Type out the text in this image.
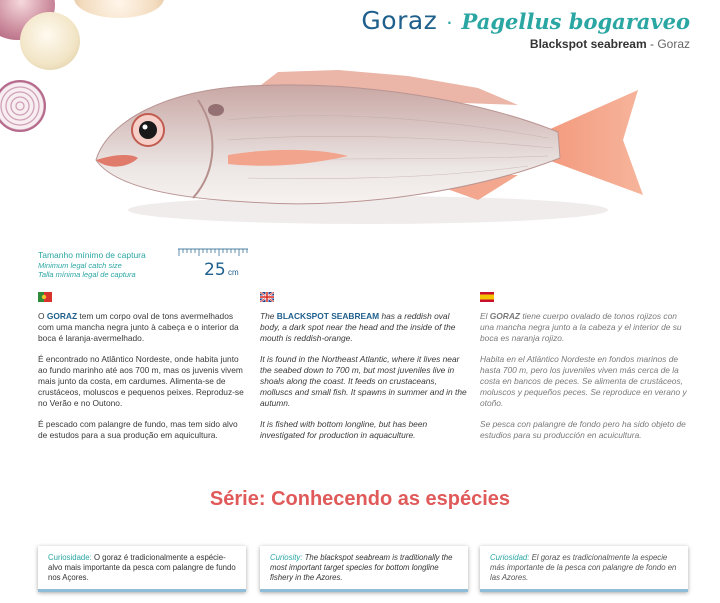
Goraz · Pagellus bogaraveo
Blackspot seabream - Goraz
Tamanho mínimo de captura
Minimum legal catch size
Talla mínima legal de captura	25 cm

O GORAZ tem um corpo oval de tons avermelhados com uma mancha negra junto à cabeça e o interior da boca é laranja-avermelhado.

É encontrado no Atlântico Nordeste, onde habita junto ao fundo marinho até aos 700 m, mas os juvenis vivem mais junto da costa, em cardumes. Alimenta-se de crustáceos, moluscos e pequenos peixes. Reproduz-se no Verão e no Outono.

É pescado com palangre de fundo, mas tem sido alvo de estudos para a sua produção em aquicultura.

The BLACKSPOT SEABREAM has a reddish oval body, a dark spot near the head and the inside of the mouth is reddish-orange.

It is found in the Northeast Atlantic, where it lives near the seabed down to 700 m, but most juveniles live in shoals along the coast. It feeds on crustaceans, molluscs and small fish. It spawns in summer and in the autumn.

It is fished with bottom longline, but has been investigated for production in aquaculture.

El GORAZ tiene cuerpo ovalado de tonos rojizos con una mancha negra junto a la cabeza y el interior de su boca es naranja rojizo.

Habita en el Atlántico Nordeste en fondos marinos de hasta 700 m, pero los juveniles viven más cerca de la costa en bancos de peces. Se alimenta de crustáceos, moluscos y pequeños peces. Se reproduce en verano y otoño.

Se pesca con palangre de fondo pero ha sido objeto de estudios para su producción en acuicultura.

Série: Conhecendo as espécies
Curiosidade: O goraz é tradicionalmente a espécie-alvo mais importante da pesca com palangre de fundo nos Açores.
Curiosity: The blackspot seabream is traditionally the most important target species for bottom longline fishery in the Azores.
Curiosidad: El goraz es tradicionalmente la especie más importante de la pesca con palangre de fondo en las Azores.
